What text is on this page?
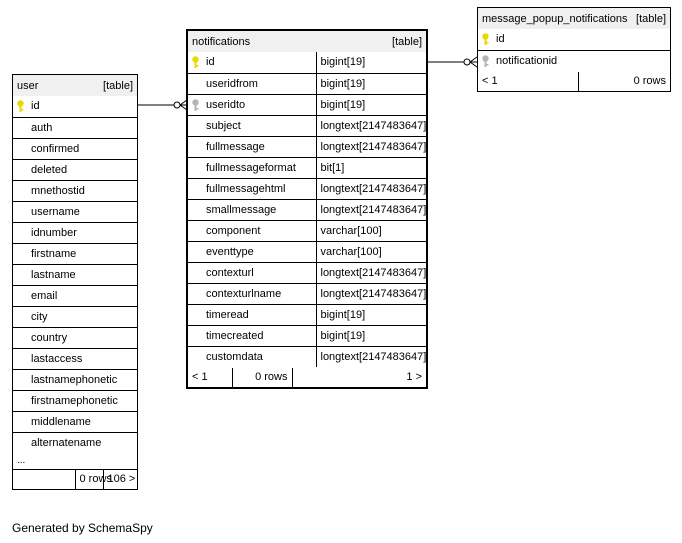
user	[table]

id
auth
confirmed
deleted
mnethostid
username
idnumber
firstname
lastname
email
city
country
lastaccess
lastnamephonetic
firstnamephonetic
middlename
alternatename
...

0 rows	106 >
notifications	[table]

id	bigint[19]
useridfrom	bigint[19]

useridto	bigint[19]
subject	longtext[2147483647]
fullmessage	longtext[2147483647]
fullmessageformat	bit[1]
fullmessagehtml	longtext[2147483647]
smallmessage	longtext[2147483647]
component	varchar[100]
eventtype	varchar[100]
contexturl	longtext[2147483647]
contexturlname	longtext[2147483647]
timeread	bigint[19]
timecreated	bigint[19]
customdata	longtext[2147483647]

< 1	0 rows	1 >
message_popup_notifications [table]

id

notificationid

< 1	0 rows
Generated by SchemaSpy
